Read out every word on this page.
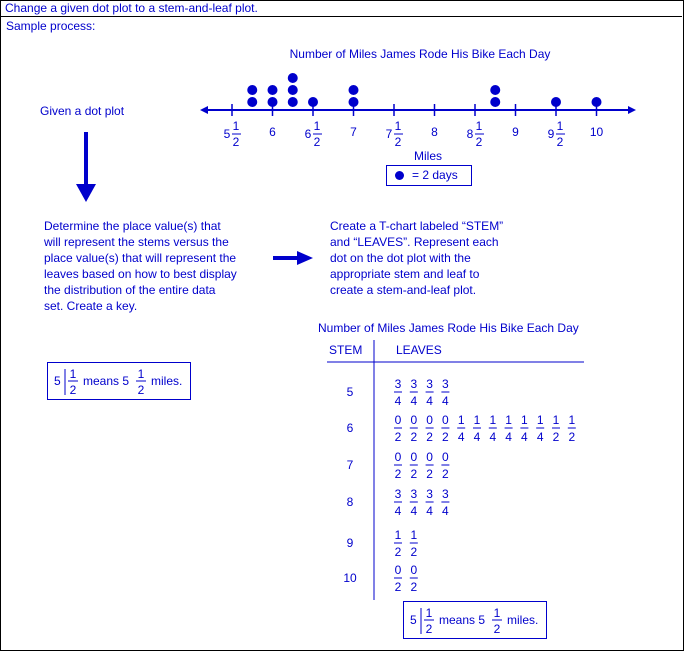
Change a given dot plot to a stem-and-leaf plot.
Sample process:
Number of Miles James Rode His Bike Each Day
5
1
2
6 6
1
2
7 7
1
2
8 8
1
2
9 9
1
2
10
Miles
= 2 days
Given a dot plot
Determine the place value(s) that will represent the stems versus the place value(s) that will represent the leaves based on how to best display the distribution of the entire data set. Create a key.
Create a T-chart labeled “STEM” and “LEAVES”. Represent each dot on the dot plot with the appropriate stem and leaf to create a stem-and-leaf plot.
5 1
2
means 5 1
2
miles.
Number of Miles James Rode His Bike Each Day
STEM	LEAVES
5
3
4
3
4
3
4
3
4
6
0
2
0
2
0
2
0
2
1
4
1
4
1
4
1
4
1
4
1
4
1
2
1
2
7
0
2
0
2
0
2
0
2
8
3
4
3
4
3
4
3
4
9
1
2
1
2
10
0
2
0
2
5 1
2
means 5 1
2
miles.
